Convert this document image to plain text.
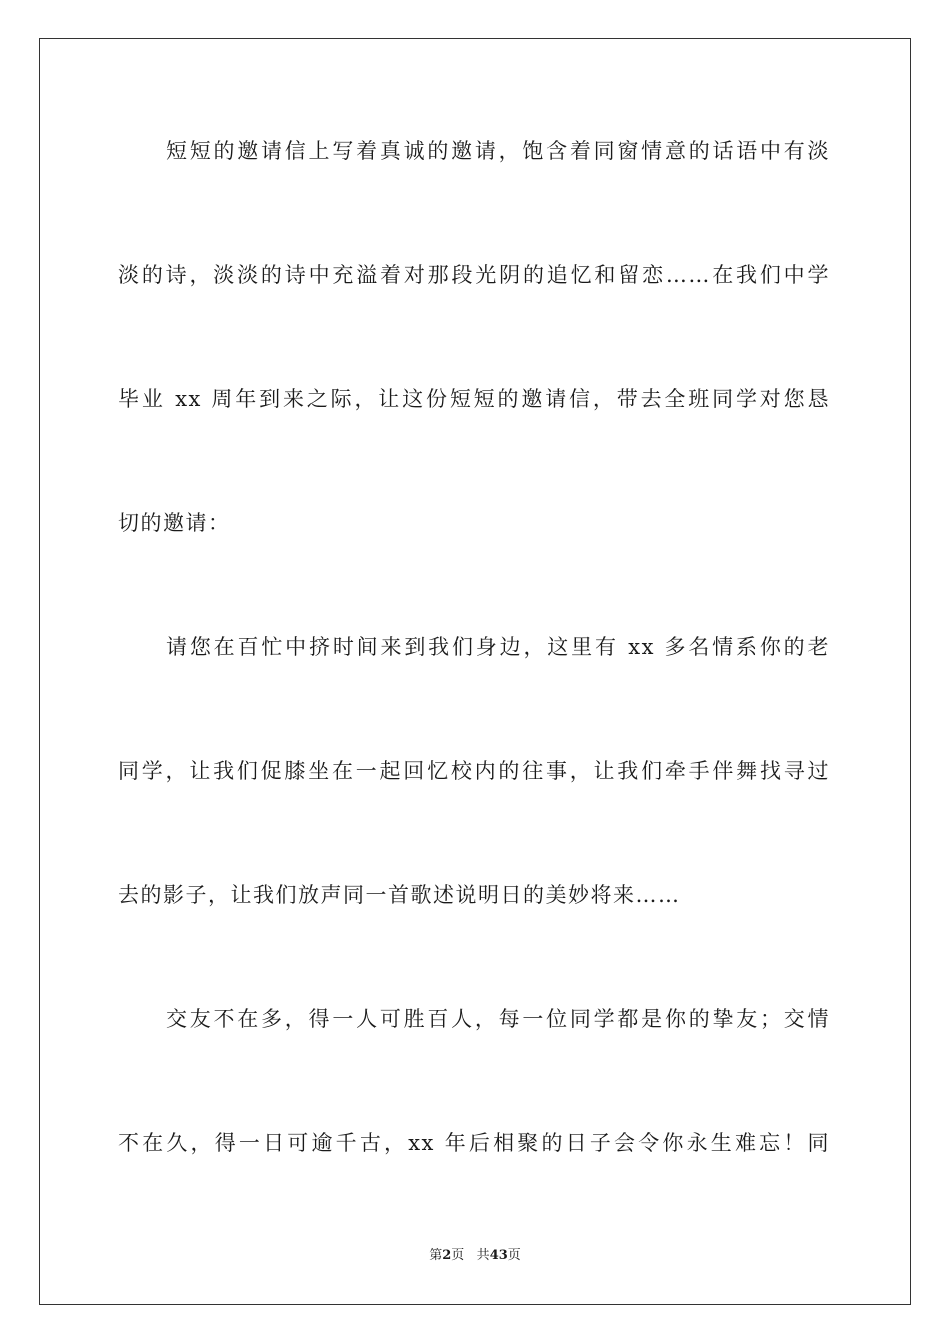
短短的邀请信上写着真诚的邀请，饱含着同窗情意的话语中有淡
淡的诗，淡淡的诗中充溢着对那段光阴的追忆和留恋……在我们中学
毕业 xx 周年到来之际，让这份短短的邀请信，带去全班同学对您恳
切的邀请：
请您在百忙中挤时间来到我们身边，这里有 xx 多名情系你的老
同学，让我们促膝坐在一起回忆校内的往事，让我们牵手伴舞找寻过
去的影子，让我们放声同一首歌述说明日的美妙将来……
交友不在多，得一人可胜百人，每一位同学都是你的挚友；交情
不在久，得一日可逾千古，xx 年后相聚的日子会令你永生难忘！同
第2页 共43页
